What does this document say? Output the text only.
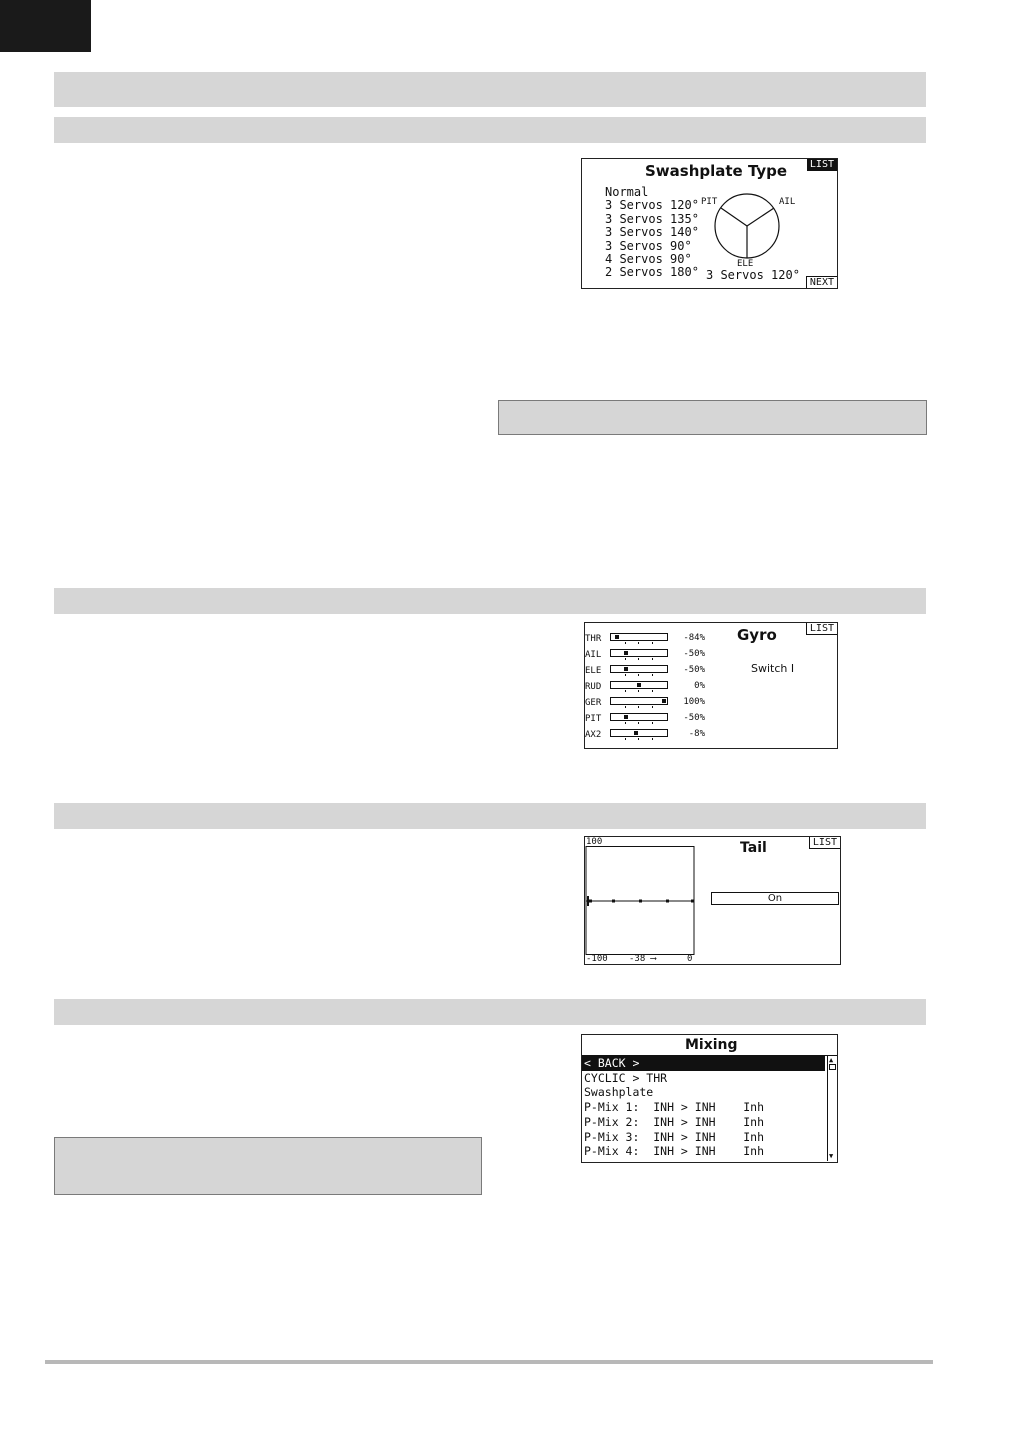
Swashplate Type	LIST
NEXT
Normal
3 Servos 120°
3 Servos 135°
3 Servos 140°
3 Servos 90°
4 Servos 90°
2 Servos 180°
PIT	AIL
ELE
3 Servos 120°
Gyro	LIST
Switch I
THR	-84%
AIL	-50%
ELE	-50%
RUD	0%
GER	100%
PIT	-50%
AX2	-8%
100	Tail	LIST
-100 -38 ⟶	0
On
Mixing
< BACK >
CYCLIC > THR
Swashplate
P-Mix 1:  INH > INH    Inh
P-Mix 2:  INH > INH    Inh
P-Mix 3:  INH > INH    Inh
P-Mix 4:  INH > INH    Inh
▲
▼
